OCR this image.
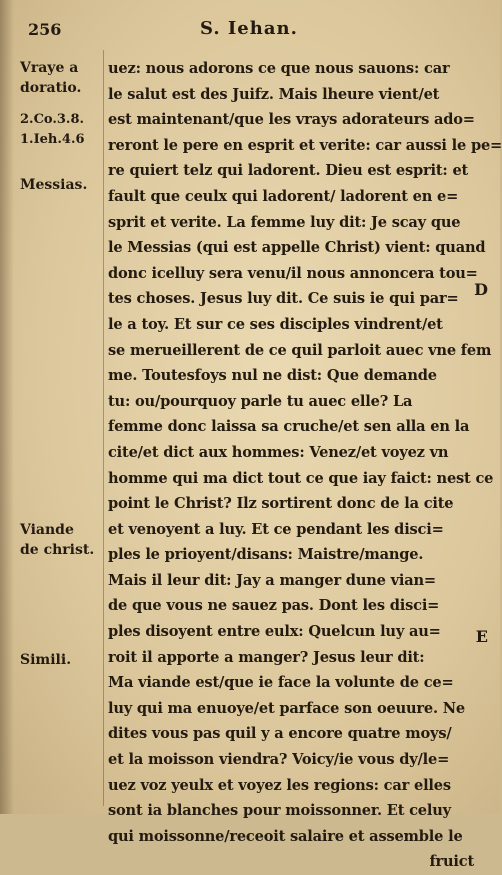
256	S. Iehan.
Vraye a
doratio.
2.Co.3.8.
1.Ieh.4.6
Messias.
Viande
de christ.
Simili.
D
E
uez: nous adorons ce que nous sauons: car
le salut est des Juifz. Mais lheure vient/et
est maintenant/que les vrays adorateurs ado=
reront le pere en esprit et verite: car aussi le pe=
re quiert telz qui ladorent. Dieu est esprit: et
fault que ceulx qui ladorent/ ladorent en e=
sprit et verite. La femme luy dit: Je scay que
le Messias (qui est appelle Christ) vient: quand
donc icelluy sera venu/il nous annoncera tou=
tes choses. Jesus luy dit. Ce suis ie qui par=
le a toy. Et sur ce ses disciples vindrent/et
se merueillerent de ce quil parloit auec vne fem
me. Toutesfoys nul ne dist: Que demande
tu: ou/pourquoy parle tu auec elle? La
femme donc laissa sa cruche/et sen alla en la
cite/et dict aux hommes: Venez/et voyez vn
homme qui ma dict tout ce que iay faict: nest ce
point le Christ? Ilz sortirent donc de la cite
et venoyent a luy. Et ce pendant les disci=
ples le prioyent/disans: Maistre/mange.
Mais il leur dit: Jay a manger dune vian=
de que vous ne sauez pas. Dont les disci=
ples disoyent entre eulx: Quelcun luy au=
roit il apporte a manger? Jesus leur dit:
Ma viande est/que ie face la volunte de ce=
luy qui ma enuoye/et parface son oeuure. Ne
dites vous pas quil y a encore quatre moys/
et la moisson viendra? Voicy/ie vous dy/le=
uez voz yeulx et voyez les regions: car elles
sont ia blanches pour moissonner. Et celuy
qui moissonne/receoit salaire et assemble le
fruict
